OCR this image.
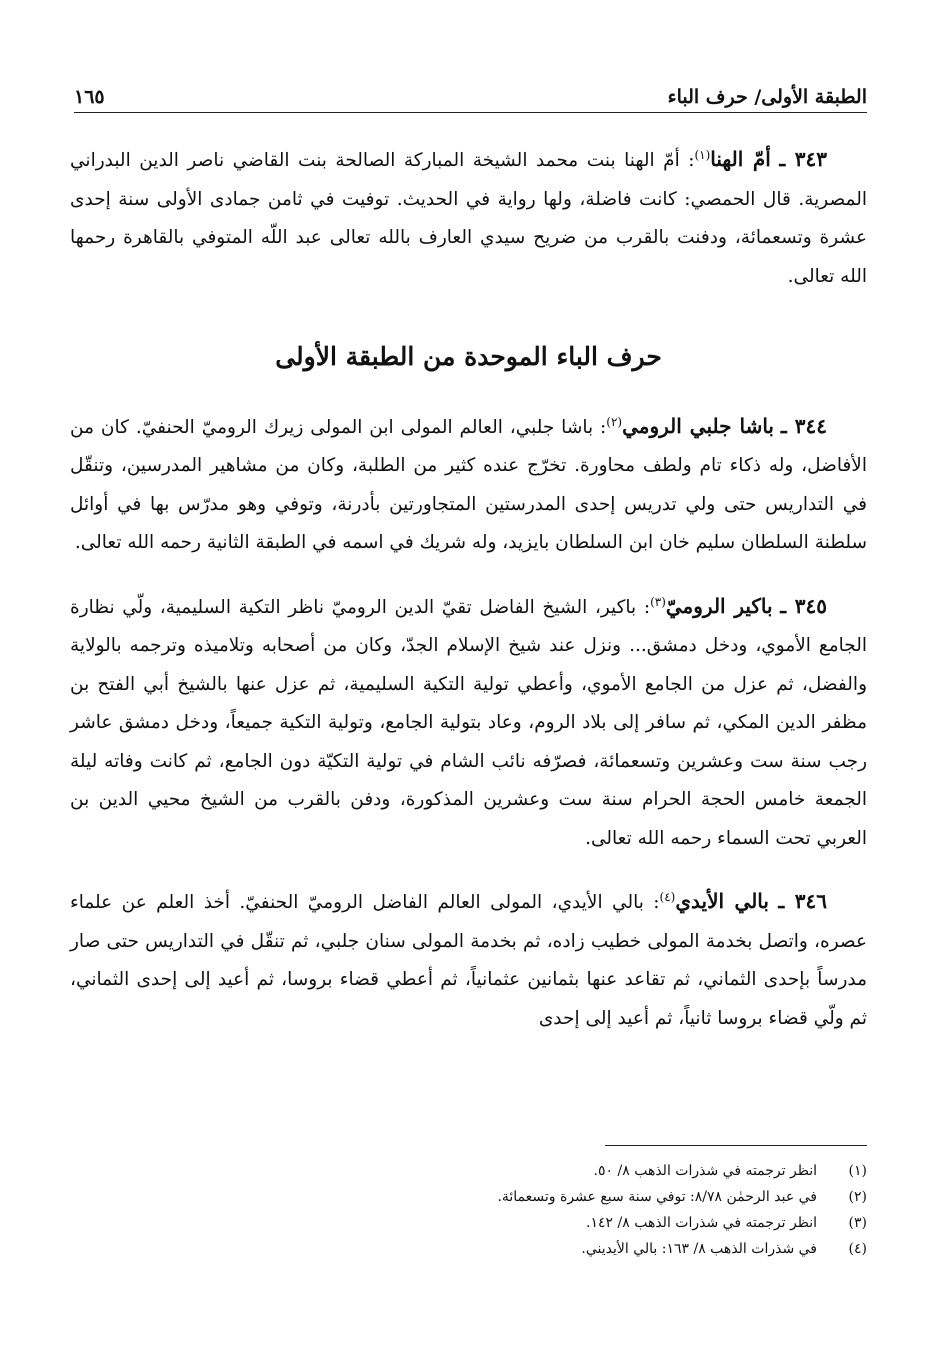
الطبقة الأولى/ حرف الباء
١٦٥

٣٤٣ ـ أمّ الهنا$^{(١)}$: أمّ الهنا بنت محمد الشيخة المباركة الصالحة بنت القاضي ناصر الدين البدراني المصرية. قال الحمصي: كانت فاضلة، ولها رواية في الحديث. توفيت في ثامن جمادى الأولى سنة إحدى عشرة وتسعمائة، ودفنت بالقرب من ضريح سيدي العارف بالله تعالى عبد اللّه المتوفي بالقاهرة رحمها الله تعالى.

حرف الباء الموحدة من الطبقة الأولى

٣٤٤ ـ باشا جلبي الرومي$^{(٢)}$: باشا جلبي، العالم المولى ابن المولى زيرك الروميّ الحنفيّ. كان من الأفاضل، وله ذكاء تام ولطف محاورة. تخرّج عنده كثير من الطلبة، وكان من مشاهير المدرسين، وتنقّل في التداريس حتى ولي تدريس إحدى المدرستين المتجاورتين بأدرنة، وتوفي وهو مدرّس بها في أوائل سلطنة السلطان سليم خان ابن السلطان بايزيد، وله شريك في اسمه في الطبقة الثانية رحمه الله تعالى.

٣٤٥ ـ باكير الروميّ$^{(٣)}$: باكير، الشيخ الفاضل تقيّ الدين الروميّ ناظر التكية السليمية، ولّي نظارة الجامع الأموي، ودخل دمشق... ونزل عند شيخ الإسلام الجدّ، وكان من أصحابه وتلاميذه وترجمه بالولاية والفضل، ثم عزل من الجامع الأموي، وأعطي تولية التكية السليمية، ثم عزل عنها بالشيخ أبي الفتح بن مظفر الدين المكي، ثم سافر إلى بلاد الروم، وعاد بتولية الجامع، وتولية التكية جميعاً، ودخل دمشق عاشر رجب سنة ست وعشرين وتسعمائة، فصرّفه نائب الشام في تولية التكيّة دون الجامع، ثم كانت وفاته ليلة الجمعة خامس الحجة الحرام سنة ست وعشرين المذكورة، ودفن بالقرب من الشيخ محيي الدين بن العربي تحت السماء رحمه الله تعالى.

٣٤٦ ـ بالي الأيدي$^{(٤)}$: بالي الأيدي، المولى العالم الفاضل الروميّ الحنفيّ. أخذ العلم عن علماء عصره، واتصل بخدمة المولى خطيب زاده، ثم بخدمة المولى سنان جلبي، ثم تنقّل في التداريس حتى صار مدرساً بإحدى الثماني، ثم تقاعد عنها بثمانين عثمانياً، ثم أعطي قضاء بروسا، ثم أعيد إلى إحدى الثماني، ثم ولّي قضاء بروسا ثانياً، ثم أعيد إلى إحدى

(١)
انظر ترجمته في شذرات الذهب ٨/ ٥٠.
(٢)
في عبد الرحمٰن ٨/٧٨: توفي سنة سبع عشرة وتسعمائة.
(٣)
انظر ترجمته في شذرات الذهب ٨/ ١٤٢.
(٤)
في شذرات الذهب ٨/ ١٦٣: بالي الأيديني.
